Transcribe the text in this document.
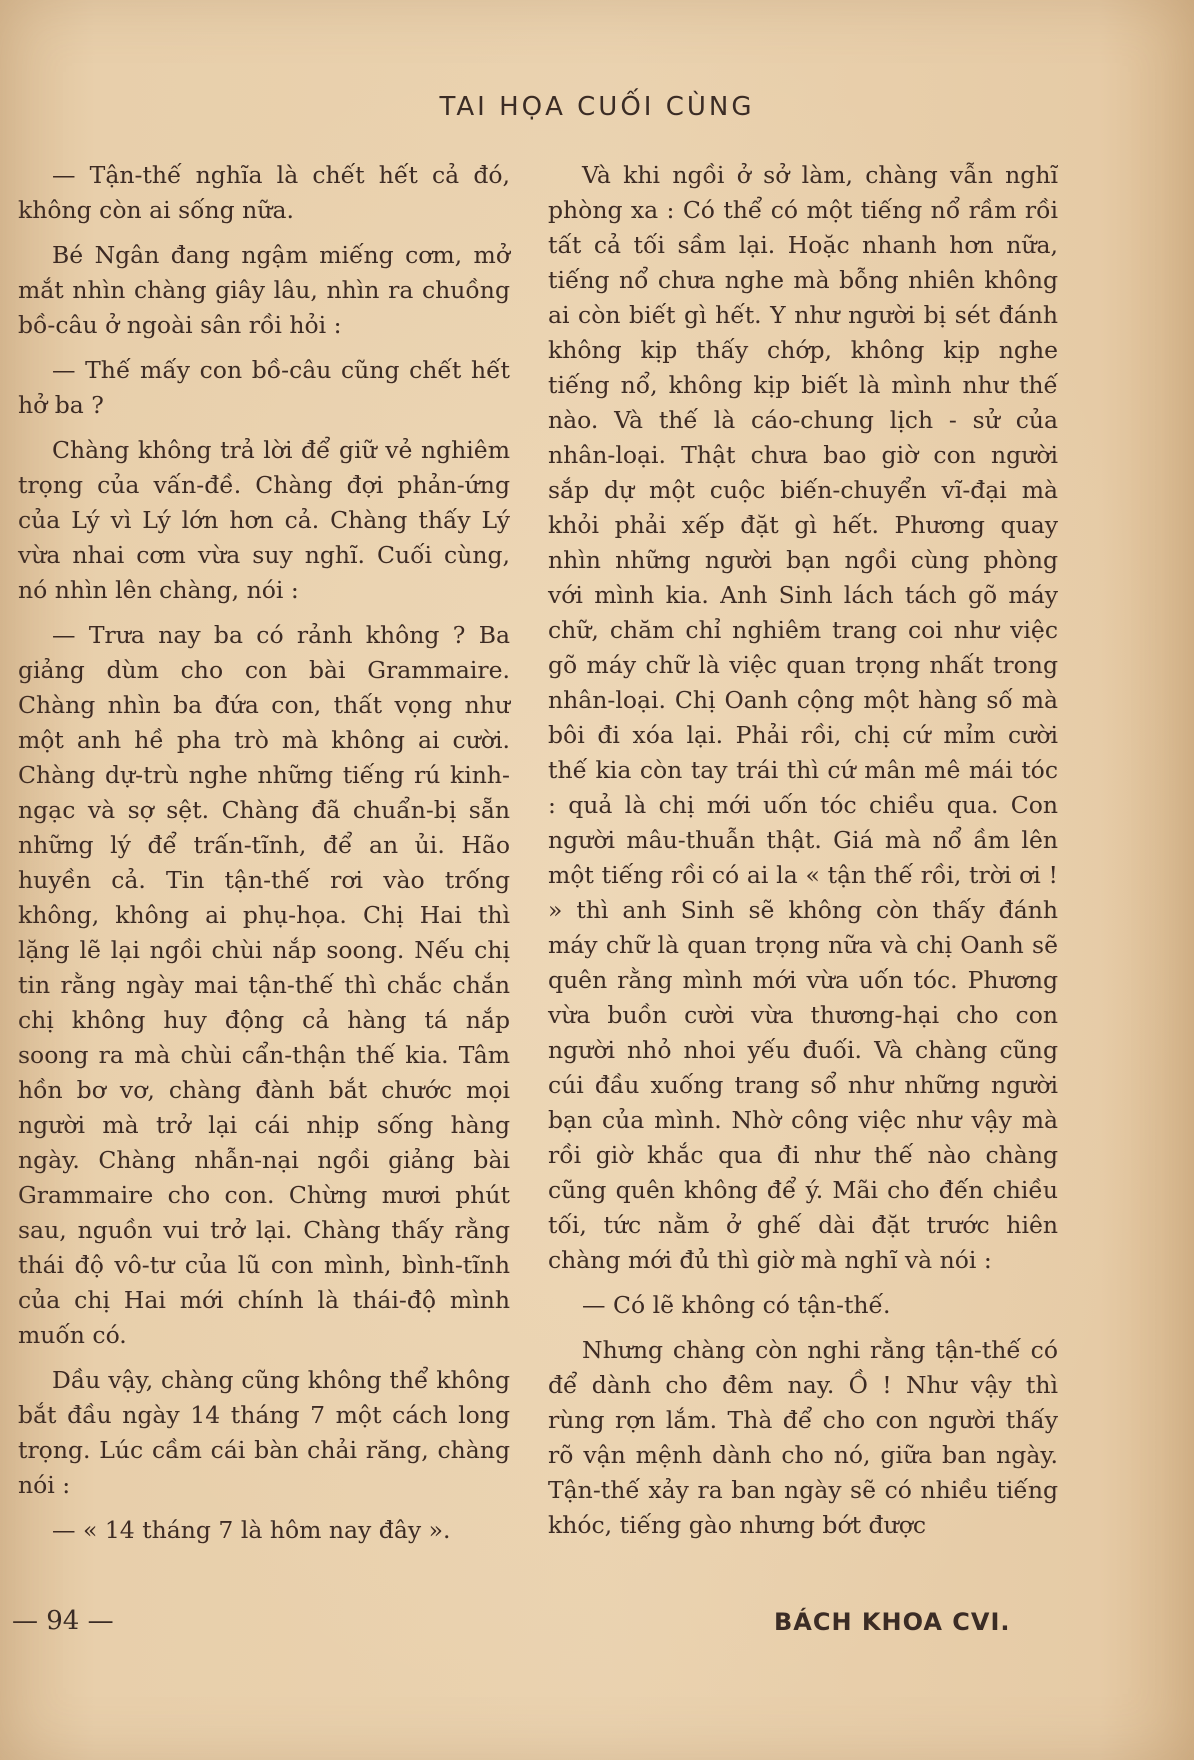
TAI HỌA CUỐI CÙNG

— Tận-thế nghĩa là chết hết cả đó, không còn ai sống nữa.

Bé Ngân đang ngậm miếng cơm, mở mắt nhìn chàng giây lâu, nhìn ra chuồng bồ-câu ở ngoài sân rồi hỏi :

— Thế mấy con bồ-câu cũng chết hết hở ba ?

Chàng không trả lời để giữ vẻ nghiêm trọng của vấn-đề. Chàng đợi phản-ứng của Lý vì Lý lớn hơn cả. Chàng thấy Lý vừa nhai cơm vừa suy nghĩ. Cuối cùng, nó nhìn lên chàng, nói :

— Trưa nay ba có rảnh không ? Ba giảng dùm cho con bài Grammaire. Chàng nhìn ba đứa con, thất vọng như một anh hề pha trò mà không ai cười. Chàng dự-trù nghe những tiếng rú kinh-ngạc và sợ sệt. Chàng đã chuẩn-bị sẵn những lý để trấn-tĩnh, để an ủi. Hão huyền cả. Tin tận-thế rơi vào trống không, không ai phụ-họa. Chị Hai thì lặng lẽ lại ngồi chùi nắp soong. Nếu chị tin rằng ngày mai tận-thế thì chắc chắn chị không huy động cả hàng tá nắp soong ra mà chùi cẩn-thận thế kia. Tâm hồn bơ vơ, chàng đành bắt chước mọi người mà trở lại cái nhịp sống hàng ngày. Chàng nhẫn-nại ngồi giảng bài Grammaire cho con. Chừng mươi phút sau, nguồn vui trở lại. Chàng thấy rằng thái độ vô-tư của lũ con mình, bình-tĩnh của chị Hai mới chính là thái-độ mình muốn có.

Dầu vậy, chàng cũng không thể không bắt đầu ngày 14 tháng 7 một cách long trọng. Lúc cầm cái bàn chải răng, chàng nói :

— « 14 tháng 7 là hôm nay đây ».

Và khi ngồi ở sở làm, chàng vẫn nghĩ phòng xa : Có thể có một tiếng nổ rầm rồi tất cả tối sầm lại. Hoặc nhanh hơn nữa, tiếng nổ chưa nghe mà bỗng nhiên không ai còn biết gì hết. Y như người bị sét đánh không kịp thấy chớp, không kịp nghe tiếng nổ, không kịp biết là mình như thế nào. Và thế là cáo-chung lịch - sử của nhân-loại. Thật chưa bao giờ con người sắp dự một cuộc biến-chuyển vĩ-đại mà khỏi phải xếp đặt gì hết. Phương quay nhìn những người bạn ngồi cùng phòng với mình kia. Anh Sinh lách tách gõ máy chữ, chăm chỉ nghiêm trang coi như việc gõ máy chữ là việc quan trọng nhất trong nhân-loại. Chị Oanh cộng một hàng số mà bôi đi xóa lại. Phải rồi, chị cứ mỉm cười thế kia còn tay trái thì cứ mân mê mái tóc : quả là chị mới uốn tóc chiều qua. Con người mâu-thuẫn thật. Giá mà nổ ầm lên một tiếng rồi có ai la « tận thế rồi, trời ơi ! » thì anh Sinh sẽ không còn thấy đánh máy chữ là quan trọng nữa và chị Oanh sẽ quên rằng mình mới vừa uốn tóc. Phương vừa buồn cười vừa thương-hại cho con người nhỏ nhoi yếu đuối. Và chàng cũng cúi đầu xuống trang sổ như những người bạn của mình. Nhờ công việc như vậy mà rồi giờ khắc qua đi như thế nào chàng cũng quên không để ý. Mãi cho đến chiều tối, tức nằm ở ghế dài đặt trước hiên chàng mới đủ thì giờ mà nghĩ và nói :

— Có lẽ không có tận-thế.

Nhưng chàng còn nghi rằng tận-thế có để dành cho đêm nay. Ồ ! Như vậy thì rùng rợn lắm. Thà để cho con người thấy rõ vận mệnh dành cho nó, giữa ban ngày. Tận-thế xảy ra ban ngày sẽ có nhiều tiếng khóc, tiếng gào nhưng bớt được

— 94 —	BÁCH KHOA CVI.
